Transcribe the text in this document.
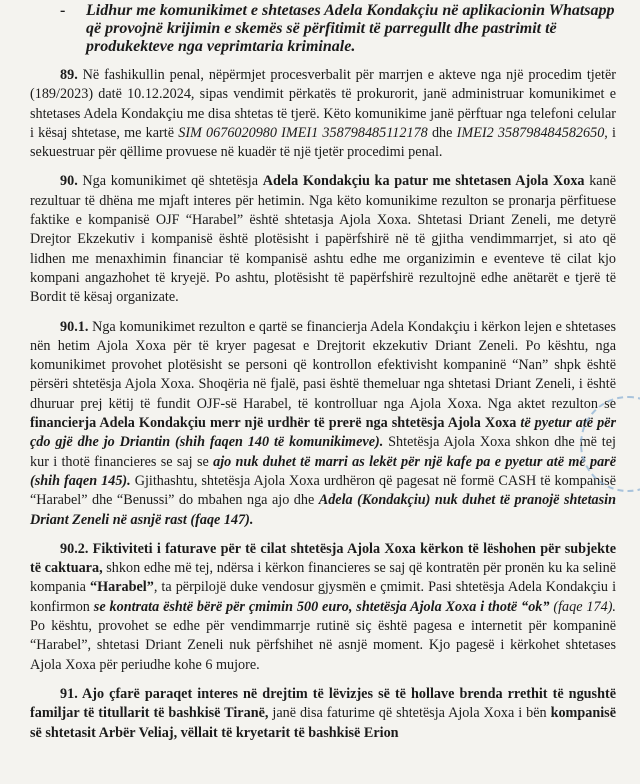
-	Lidhur me komunikimet e shtetases Adela Kondakçiu në aplikacionin Whatsapp që provojnë krijimin e skemës së përfitimit të parregullt dhe pastrimit të produkekteve nga veprimtaria kriminale.

89. Në fashikullin penal, nëpërmjet procesverbalit për marrjen e akteve nga një procedim tjetër (189/2023) datë 10.12.2024, sipas vendimit përkatës të prokurorit, janë administruar komunikimet e shtetases Adela Kondakçiu me disa shtetas të tjerë. Këto komunikime janë përftuar nga telefoni celular i kësaj shtetase, me kartë SIM 0676020980 IMEI1 358798485112178 dhe IMEI2 358798484582650, i sekuestruar për qëllime provuese në kuadër të një tjetër procedimi penal.

90. Nga komunikimet që shtetësja Adela Kondakçiu ka patur me shtetasen Ajola Xoxa kanë rezultuar të dhëna me mjaft interes për hetimin. Nga këto komunikime rezulton se pronarja përfituese faktike e kompanisë OJF “Harabel” është shtetasja Ajola Xoxa. Shtetasi Driant Zeneli, me detyrë Drejtor Ekzekutiv i kompanisë është plotësisht i papërfshirë në të gjitha vendimmarrjet, si ato që lidhen me menaxhimin financiar të kompanisë ashtu edhe me organizimin e eventeve të cilat kjo kompani angazhohet të kryejë. Po ashtu, plotësisht të papërfshirë rezultojnë edhe anëtarët e tjerë të Bordit të kësaj organizate.

90.1. Nga komunikimet rezulton e qartë se financierja Adela Kondakçiu i kërkon lejen e shtetases nën hetim Ajola Xoxa për të kryer pagesat e Drejtorit ekzekutiv Driant Zeneli. Po kështu, nga komunikimet provohet plotësisht se personi që kontrollon efektivisht kompaninë “Nan” shpk është përsëri shtetësja Ajola Xoxa. Shoqëria në fjalë, pasi është themeluar nga shtetasi Driant Zeneli, i është dhuruar prej këtij të fundit OJF-së Harabel, të kontrolluar nga Ajola Xoxa. Nga aktet rezulton se financierja Adela Kondakçiu merr një urdhër të prerë nga shtetësja Ajola Xoxa të pyetur atë për çdo gjë dhe jo Driantin (shih faqen 140 të komunikimeve). Shtetësja Ajola Xoxa shkon dhe më tej kur i thotë financieres se saj se ajo nuk duhet të marri as lekët për një kafe pa e pyetur atë më parë (shih faqen 145). Gjithashtu, shtetësja Ajola Xoxa urdhëron që pagesat në formë CASH të kompanisë “Harabel” dhe “Benussi” do mbahen nga ajo dhe Adela (Kondakçiu) nuk duhet të pranojë shtetasin Driant Zeneli në asnjë rast (faqe 147).

90.2. Fiktiviteti i faturave për të cilat shtetësja Ajola Xoxa kërkon të lëshohen për subjekte të caktuara, shkon edhe më tej, ndërsa i kërkon financieres se saj që kontratën për pronën ku ka selinë kompania “Harabel”, ta përpilojë duke vendosur gjysmën e çmimit. Pasi shtetësja Adela Kondakçiu i konfirmon se kontrata është bërë për çmimin 500 euro, shtetësja Ajola Xoxa i thotë “ok” (faqe 174). Po kështu, provohet se edhe për vendimmarrje rutinë siç është pagesa e internetit për kompaninë “Harabel”, shtetasi Driant Zeneli nuk përfshihet në asnjë moment. Kjo pagesë i kërkohet shtetases Ajola Xoxa për periudhe kohe 6 mujore.

91. Ajo çfarë paraqet interes në drejtim të lëvizjes së të hollave brenda rrethit të ngushtë familjar të titullarit të bashkisë Tiranë, janë disa faturime që shtetësja Ajola Xoxa i bën kompanisë së shtetasit Arbër Veliaj, vëllait të kryetarit të bashkisë Erion
